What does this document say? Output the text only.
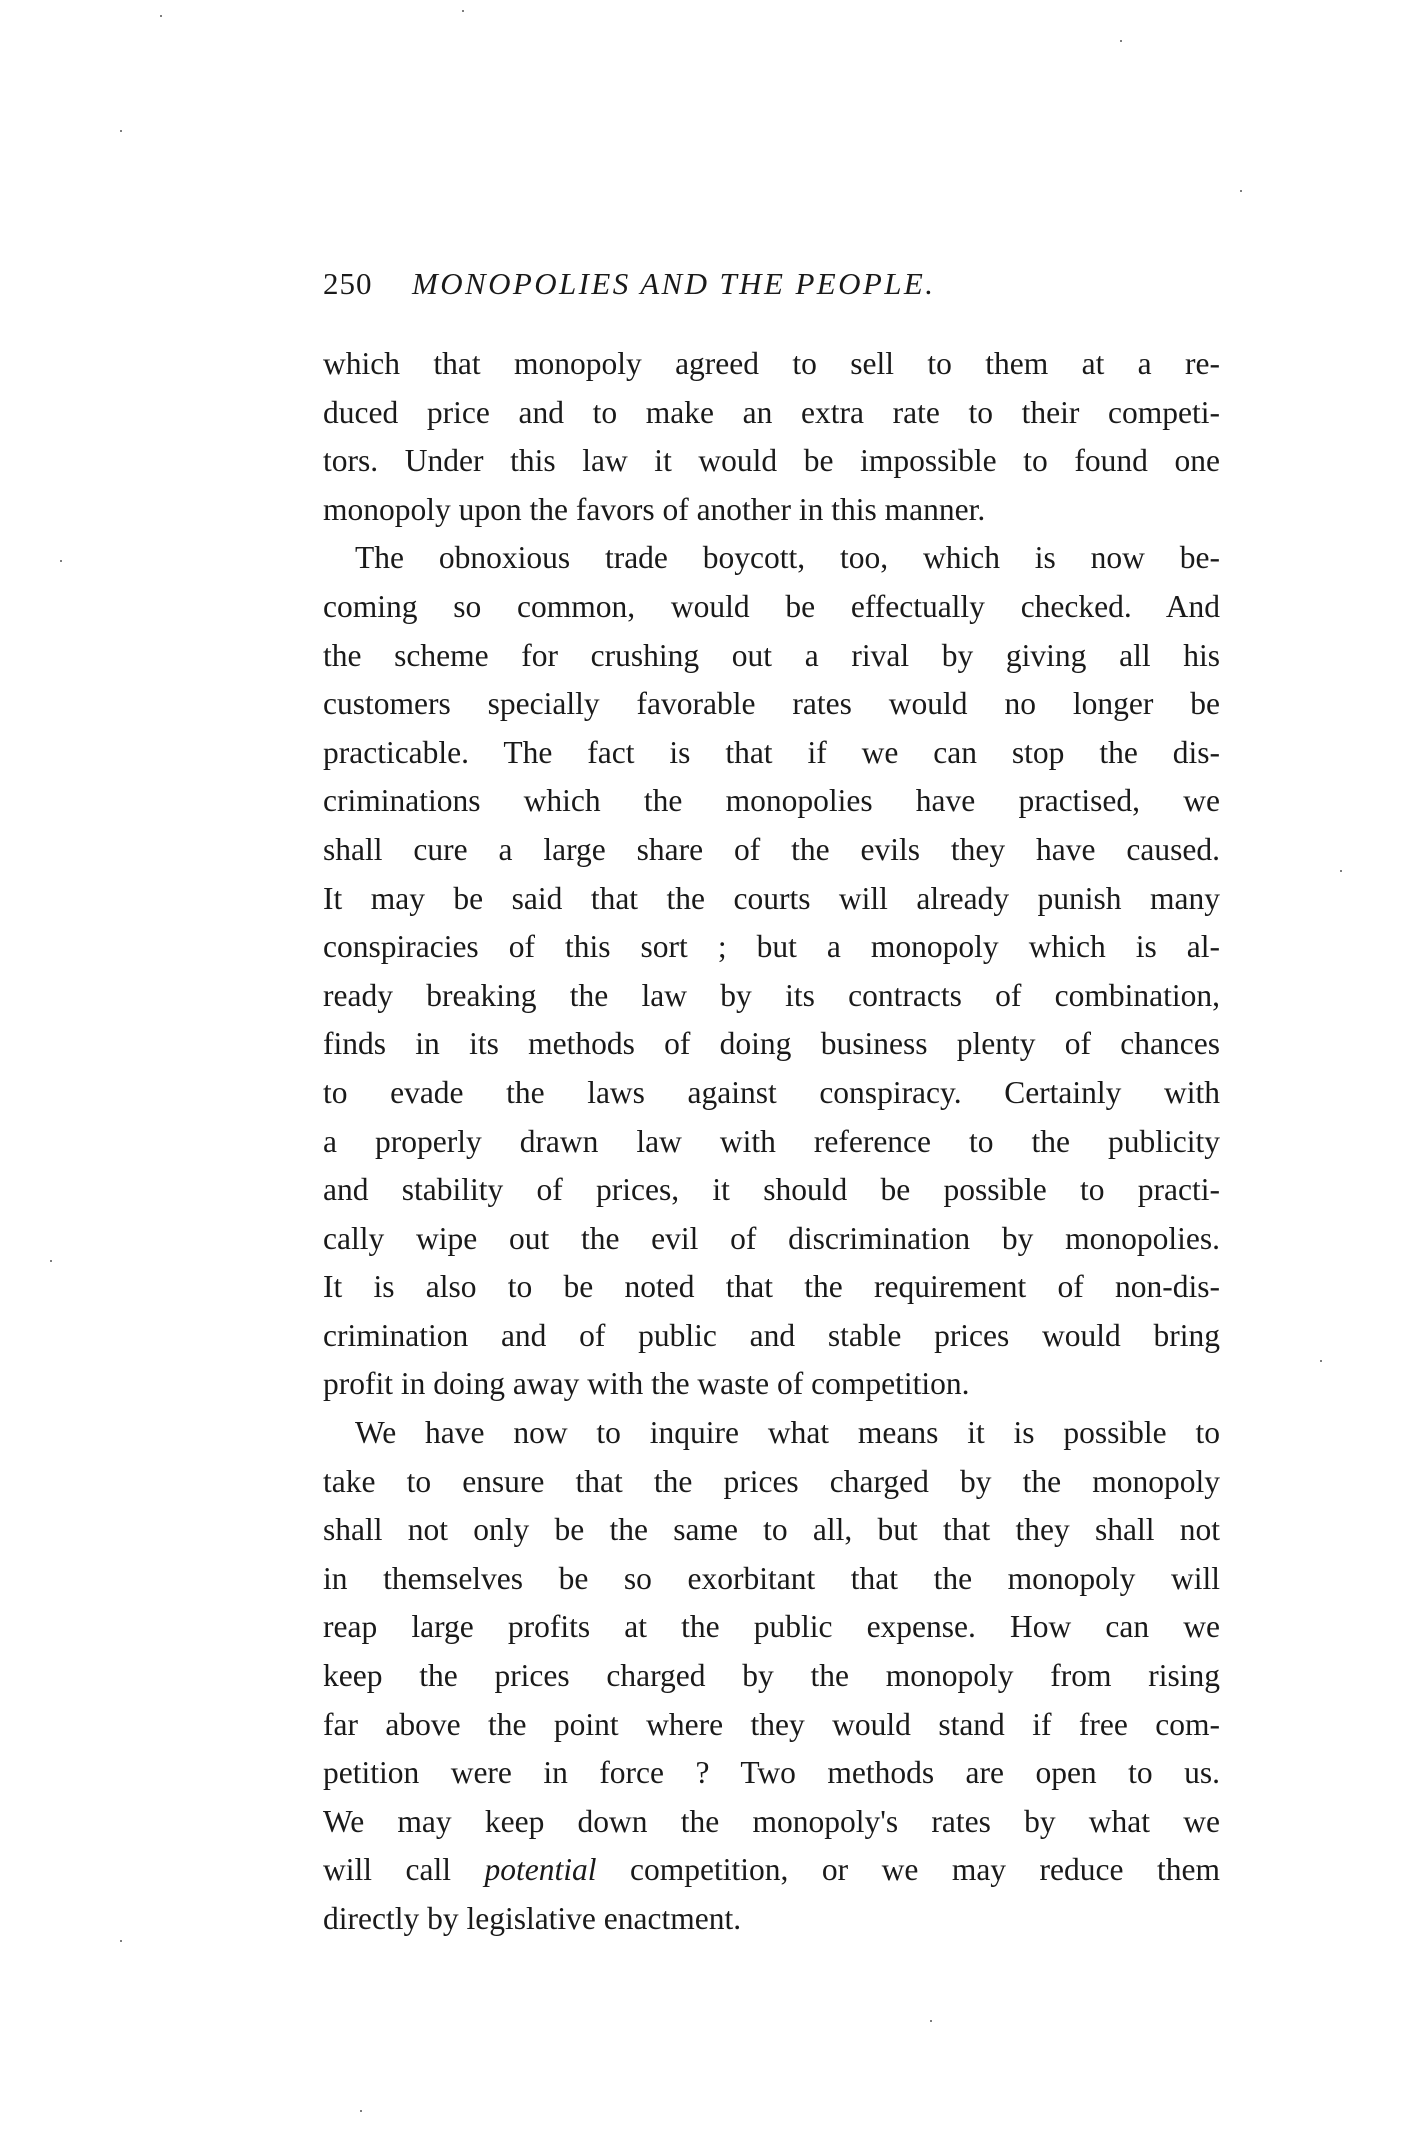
250 MONOPOLIES AND THE PEOPLE.
which that monopoly agreed to sell to them at a re-
duced price and to make an extra rate to their competi-
tors. Under this law it would be impossible to found one
monopoly upon the favors of another in this manner.
The obnoxious trade boycott, too, which is now be-
coming so common, would be effectually checked. And
the scheme for crushing out a rival by giving all his
customers specially favorable rates would no longer be
practicable. The fact is that if we can stop the dis-
criminations which the monopolies have practised, we
shall cure a large share of the evils they have caused.
It may be said that the courts will already punish many
conspiracies of this sort ; but a monopoly which is al-
ready breaking the law by its contracts of combination,
finds in its methods of doing business plenty of chances
to evade the laws against conspiracy. Certainly with
a properly drawn law with reference to the publicity
and stability of prices, it should be possible to practi-
cally wipe out the evil of discrimination by monopolies.
It is also to be noted that the requirement of non-dis-
crimination and of public and stable prices would bring
profit in doing away with the waste of competition.
We have now to inquire what means it is possible to
take to ensure that the prices charged by the monopoly
shall not only be the same to all, but that they shall not
in themselves be so exorbitant that the monopoly will
reap large profits at the public expense. How can we
keep the prices charged by the monopoly from rising
far above the point where they would stand if free com-
petition were in force ? Two methods are open to us.
We may keep down the monopoly's rates by what we
will call potential competition, or we may reduce them
directly by legislative enactment.
